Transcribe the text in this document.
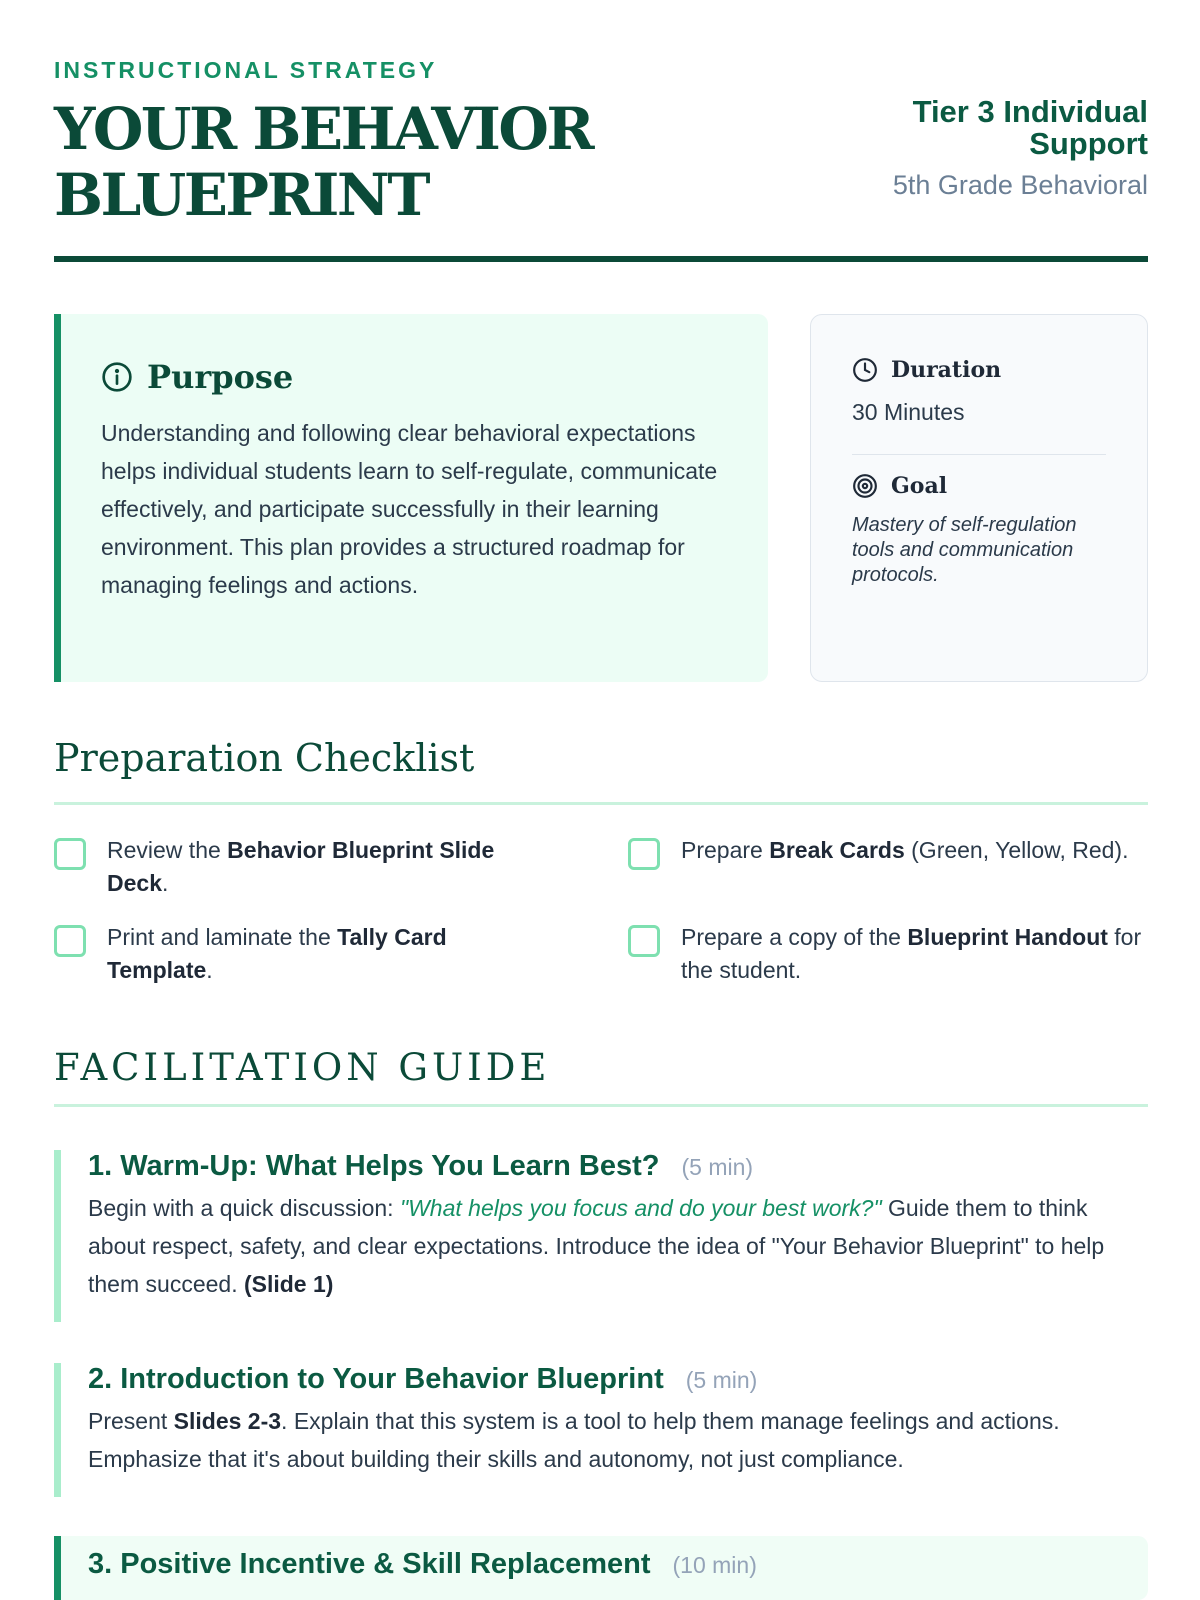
INSTRUCTIONAL STRATEGY
YOUR BEHAVIOR BLUEPRINT
Tier 3 Individual Support
5th Grade Behavioral
Purpose

Understanding and following clear behavioral expectations helps individual students learn to self-regulate, communicate effectively, and participate successfully in their learning environment. This plan provides a structured roadmap for managing feelings and actions.

Duration
30 Minutes
Goal
Mastery of self-regulation tools and communication protocols.
Preparation Checklist
Review the Behavior Blueprint Slide Deck.
Prepare Break Cards (Green, Yellow, Red).
Print and laminate the Tally Card Template.
Prepare a copy of the Blueprint Handout for the student.
FACILITATION GUIDE
1. Warm-Up: What Helps You Learn Best? (5 min)

Begin with a quick discussion: "What helps you focus and do your best work?" Guide them to think about respect, safety, and clear expectations. Introduce the idea of "Your Behavior Blueprint" to help them succeed. (Slide 1)

2. Introduction to Your Behavior Blueprint (5 min)

Present Slides 2-3. Explain that this system is a tool to help them manage feelings and actions. Emphasize that it's about building their skills and autonomy, not just compliance.

3. Positive Incentive & Skill Replacement (10 min)
